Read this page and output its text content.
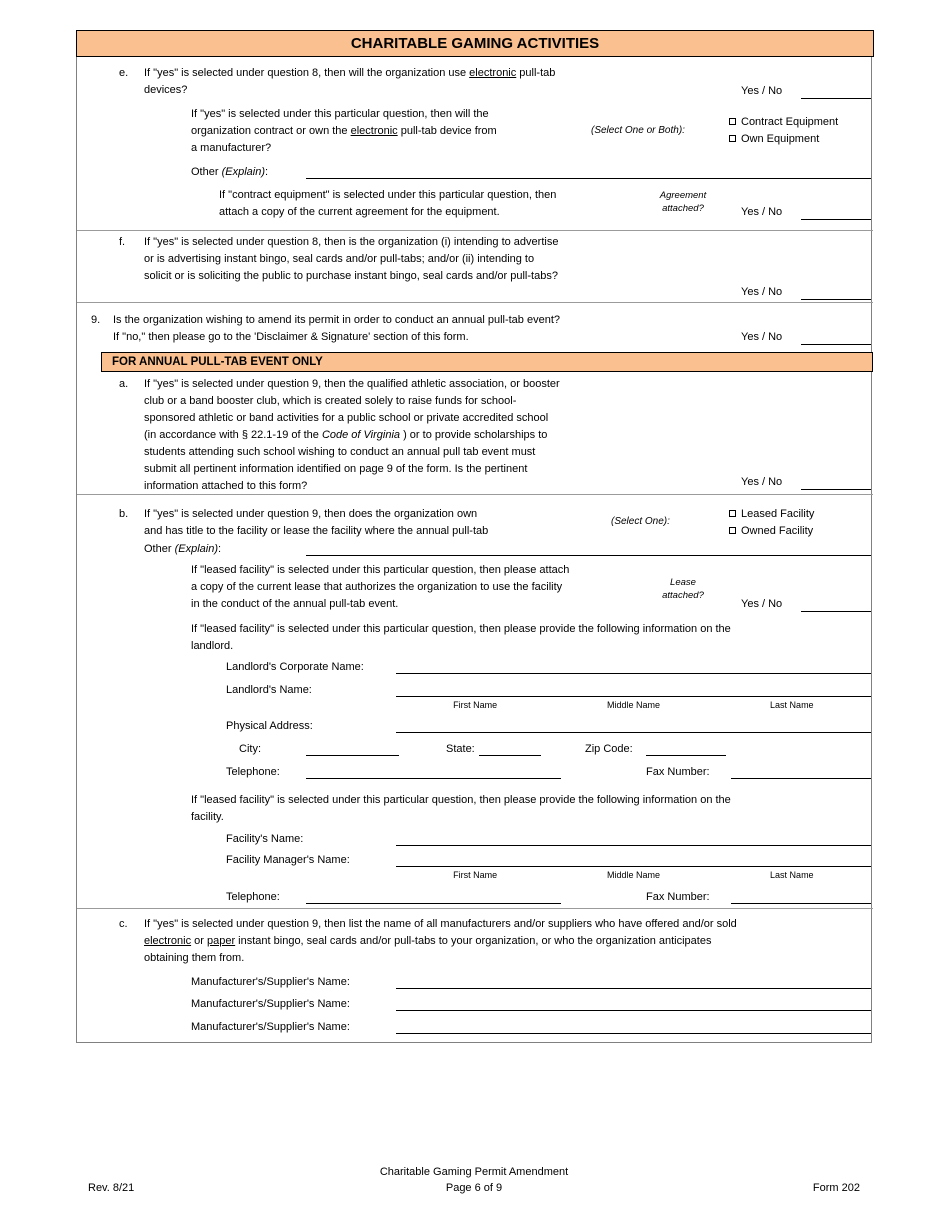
CHARITABLE GAMING ACTIVITIES
e. If "yes" is selected under question 8, then will the organization use electronic pull-tab
devices?	Yes / No
If "yes" is selected under this particular question, then will the
organization contract or own the electronic pull-tab device from
a manufacturer?
(Select One or Both):
Contract Equipment
Own Equipment
Other (Explain):
If "contract equipment" is selected under this particular question, then
attach a copy of the current agreement for the equipment.
Agreement
attached?	Yes / No
f. If "yes" is selected under question 8, then is the organization (i) intending to advertise
or is advertising instant bingo, seal cards and/or pull-tabs; and/or (ii) intending to
solicit or is soliciting the public to purchase instant bingo, seal cards and/or pull-tabs?
Yes / No
9. Is the organization wishing to amend its permit in order to conduct an annual pull-tab event?
If "no," then please go to the 'Disclaimer & Signature' section of this form.	Yes / No
FOR ANNUAL PULL-TAB EVENT ONLY
a. If "yes" is selected under question 9, then the qualified athletic association, or booster
club or a band booster club, which is created solely to raise funds for school-
sponsored athletic or band activities for a public school or private accredited school
(in accordance with § 22.1-19 of the Code of Virginia ) or to provide scholarships to
students attending such school wishing to conduct an annual pull tab event must
submit all pertinent information identified on page 9 of the form. Is the pertinent
information attached to this form?	Yes / No
b. If "yes" is selected under question 9, then does the organization own
and has title to the facility or lease the facility where the annual pull-tab
(Select One):
Leased Facility
Owned Facility
Other (Explain):
If "leased facility" is selected under this particular question, then please attach
a copy of the current lease that authorizes the organization to use the facility
in the conduct of the annual pull-tab event.
Lease
attached?
Yes / No
If "leased facility" is selected under this particular question, then please provide the following information on the
landlord.
Landlord's Corporate Name:
Landlord's Name:
First Name	Middle Name	Last Name
Physical Address:
City:	State:	Zip Code:
Telephone:	Fax Number:
If "leased facility" is selected under this particular question, then please provide the following information on the
facility.
Facility's Name:
Facility Manager's Name:
First Name	Middle Name	Last Name
Telephone:	Fax Number:
c. If "yes" is selected under question 9, then list the name of all manufacturers and/or suppliers who have offered and/or sold
electronic or paper instant bingo, seal cards and/or pull-tabs to your organization, or who the organization anticipates
obtaining them from.
Manufacturer's/Supplier's Name:
Manufacturer's/Supplier's Name:
Manufacturer's/Supplier's Name:
Rev. 8/21
Charitable Gaming Permit Amendment
Page 6 of 9	Form 202
